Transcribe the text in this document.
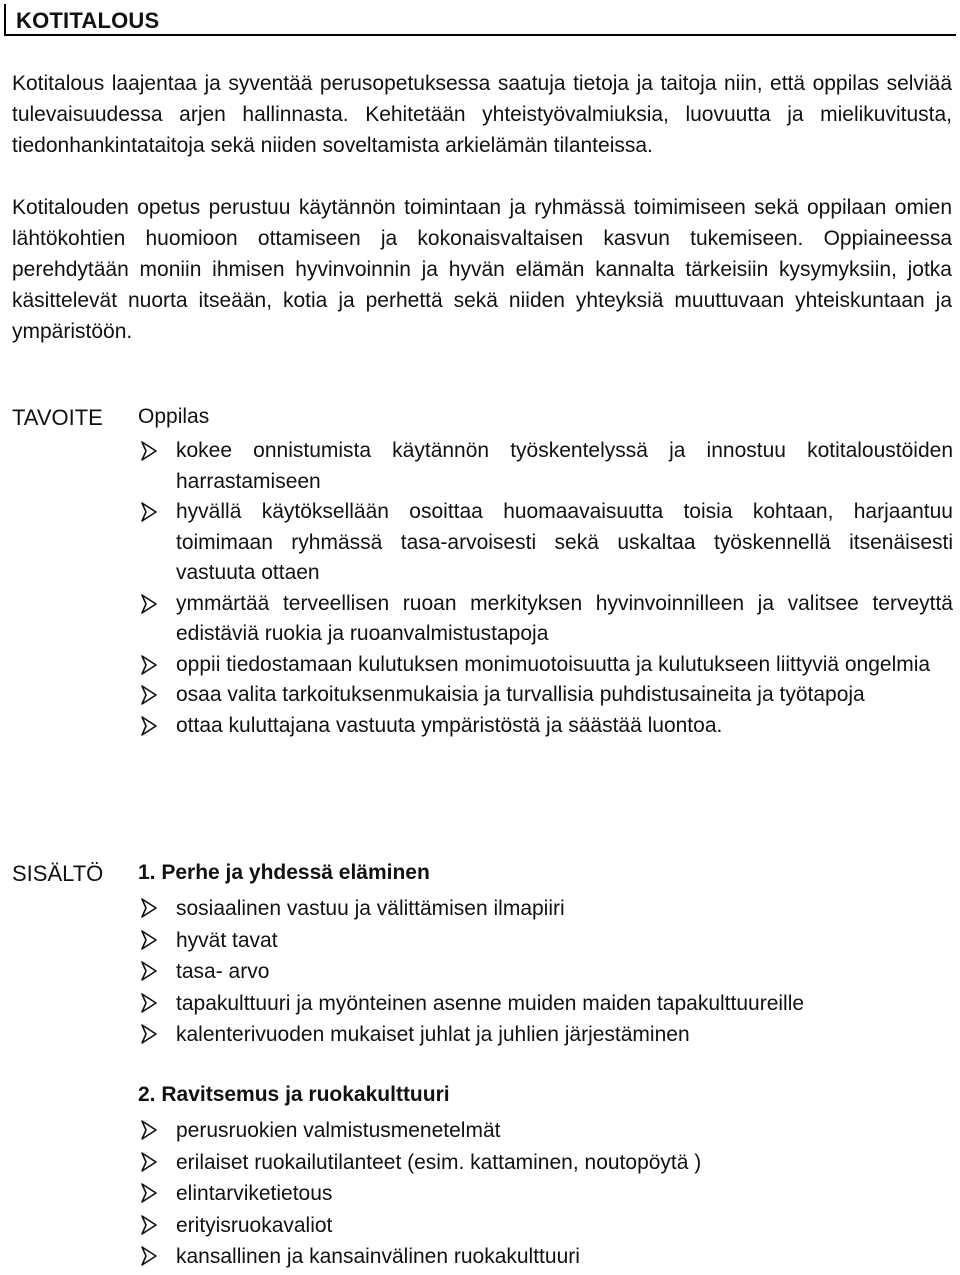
KOTITALOUS

Kotitalous laajentaa ja syventää perusopetuksessa saatuja tietoja ja taitoja niin, että oppilas selviää tulevaisuudessa arjen hallinnasta. Kehitetään yhteistyövalmiuksia, luovuutta ja mielikuvitusta, tiedonhankintataitoja sekä niiden soveltamista arkielämän tilanteissa.

Kotitalouden opetus perustuu käytännön toimintaan ja ryhmässä toimimiseen sekä oppilaan omien lähtökohtien huomioon ottamiseen ja kokonaisvaltaisen kasvun tukemiseen. Oppiaineessa perehdytään moniin ihmisen hyvinvoinnin ja hyvän elämän kannalta tärkeisiin kysymyksiin, jotka käsittelevät nuorta itseään, kotia ja perhettä sekä niiden yhteyksiä muuttuvaan yhteiskuntaan ja ympäristöön.

TAVOITE Oppilas
kokee onnistumista käytännön työskentelyssä ja innostuu kotitaloustöiden harrastamiseen
hyvällä käytöksellään osoittaa huomaavaisuutta toisia kohtaan, harjaantuu toimimaan ryhmässä tasa-arvoisesti sekä uskaltaa työskennellä itsenäisesti vastuuta ottaen
ymmärtää terveellisen ruoan merkityksen hyvinvoinnilleen ja valitsee terveyttä edistäviä ruokia ja ruoanvalmistustapoja
oppii tiedostamaan kulutuksen monimuotoisuutta ja kulutukseen liittyviä ongelmia
osaa valita tarkoituksenmukaisia ja turvallisia puhdistusaineita ja työtapoja
ottaa kuluttajana vastuuta ympäristöstä ja säästää luontoa.
SISÄLTÖ 1. Perhe ja yhdessä eläminen
sosiaalinen vastuu ja välittämisen ilmapiiri
hyvät tavat
tasa- arvo
tapakulttuuri ja myönteinen asenne muiden maiden tapakulttuureille
kalenterivuoden mukaiset juhlat ja juhlien järjestäminen
2. Ravitsemus ja ruokakulttuuri
perusruokien valmistusmenetelmät
erilaiset ruokailutilanteet (esim. kattaminen, noutopöytä )
elintarviketietous
erityisruokavaliot
kansallinen ja kansainvälinen ruokakulttuuri
